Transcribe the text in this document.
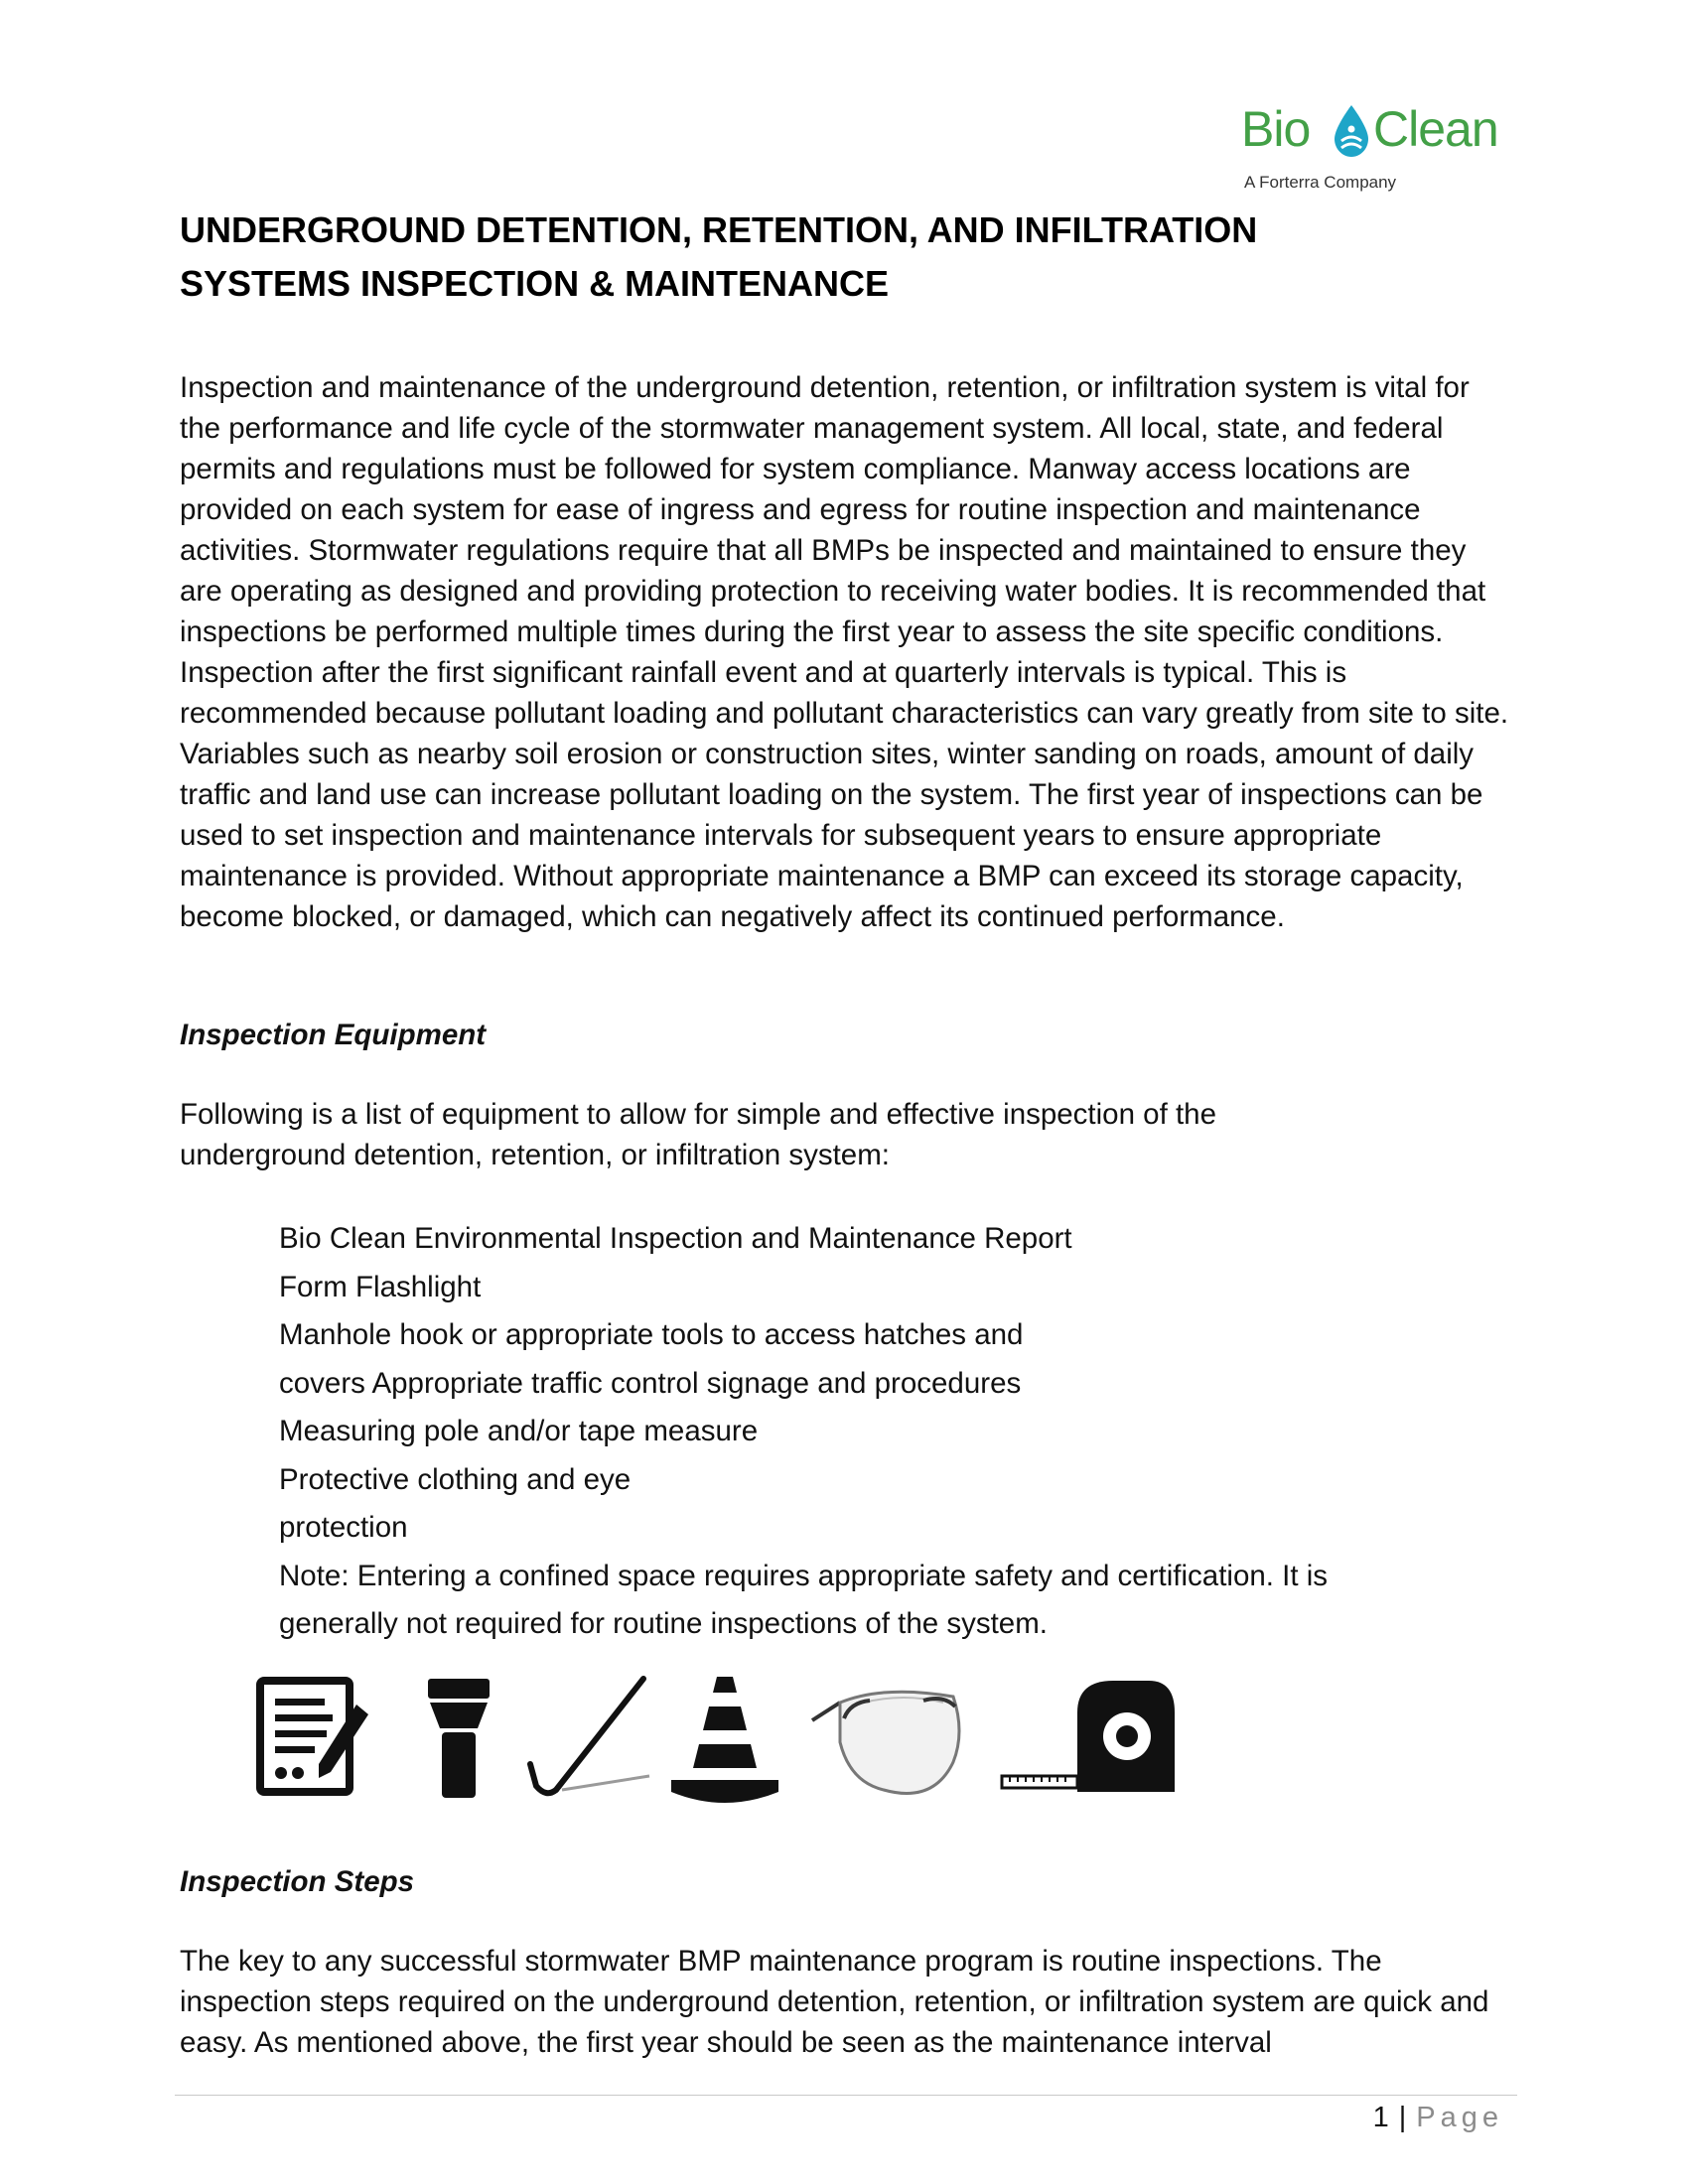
Bio Clean
A Forterra Company
UNDERGROUND DETENTION, RETENTION, AND INFILTRATION
SYSTEMS INSPECTION & MAINTENANCE

Inspection and maintenance of the underground detention, retention, or infiltration system is vital for the performance and life cycle of the stormwater management system. All local, state, and federal permits and regulations must be followed for system compliance. Manway access locations are provided on each system for ease of ingress and egress for routine inspection and maintenance activities. Stormwater regulations require that all BMPs be inspected and maintained to ensure they are operating as designed and providing protection to receiving water bodies. It is recommended that inspections be performed multiple times during the first year to assess the site specific conditions. Inspection after the first significant rainfall event and at quarterly intervals is typical. This is recommended because pollutant loading and pollutant characteristics can vary greatly from site to site. Variables such as nearby soil erosion or construction sites, winter sanding on roads, amount of daily traffic and land use can increase pollutant loading on the system. The first year of inspections can be used to set inspection and maintenance intervals for subsequent years to ensure appropriate maintenance is provided. Without appropriate maintenance a BMP can exceed its storage capacity, become blocked, or damaged, which can negatively affect its continued performance.

Inspection Equipment

Following is a list of equipment to allow for simple and effective inspection of the underground detention, retention, or infiltration system:

Bio Clean Environmental Inspection and Maintenance Report
Form Flashlight
Manhole hook or appropriate tools to access hatches and
covers Appropriate traffic control signage and procedures
Measuring pole and/or tape measure
Protective clothing and eye
protection
Note: Entering a confined space requires appropriate safety and certification. It is
generally not required for routine inspections of the system.
Inspection Steps

The key to any successful stormwater BMP maintenance program is routine inspections. The inspection steps required on the underground detention, retention, or infiltration system are quick and easy. As mentioned above, the first year should be seen as the maintenance interval

1 | Page
